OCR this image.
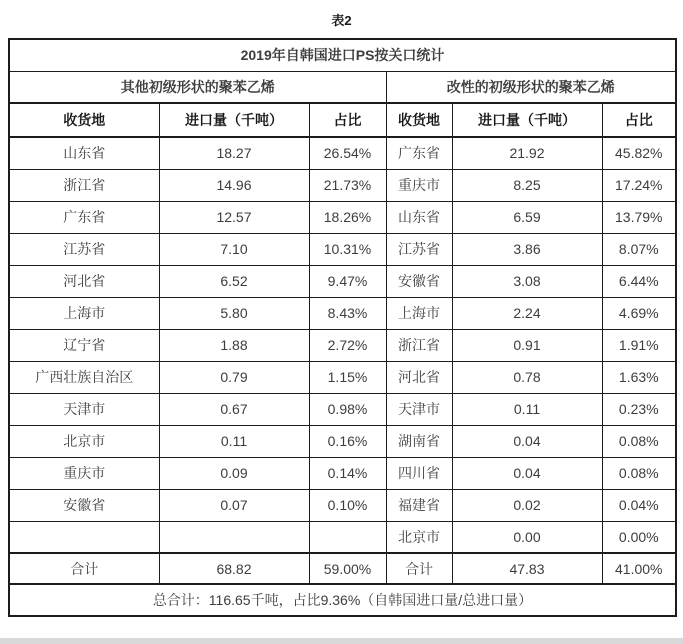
表2
2019年自韩国进口PS按关口统计					
其他初级形状的聚苯乙烯			改性的初级形状的聚苯乙烯		
收货地	进口量（千吨）	占比	收货地	进口量（千吨）	占比
山东省	18.27	26.54%	广东省	21.92	45.82%
浙江省	14.96	21.73%	重庆市	8.25	17.24%
广东省	12.57	18.26%	山东省	6.59	13.79%
江苏省	7.10	10.31%	江苏省	3.86	8.07%
河北省	6.52	9.47%	安徽省	3.08	6.44%
上海市	5.80	8.43%	上海市	2.24	4.69%
辽宁省	1.88	2.72%	浙江省	0.91	1.91%
广西壮族自治区	0.79	1.15%	河北省	0.78	1.63%
天津市	0.67	0.98%	天津市	0.11	0.23%
北京市	0.11	0.16%	湖南省	0.04	0.08%
重庆市	0.09	0.14%	四川省	0.04	0.08%
安徽省	0.07	0.10%	福建省	0.02	0.04%
			北京市	0.00	0.00%
合计	68.82	59.00%	合计	47.83	41.00%
总合计：116.65千吨，占比9.36%（自韩国进口量/总进口量）					
